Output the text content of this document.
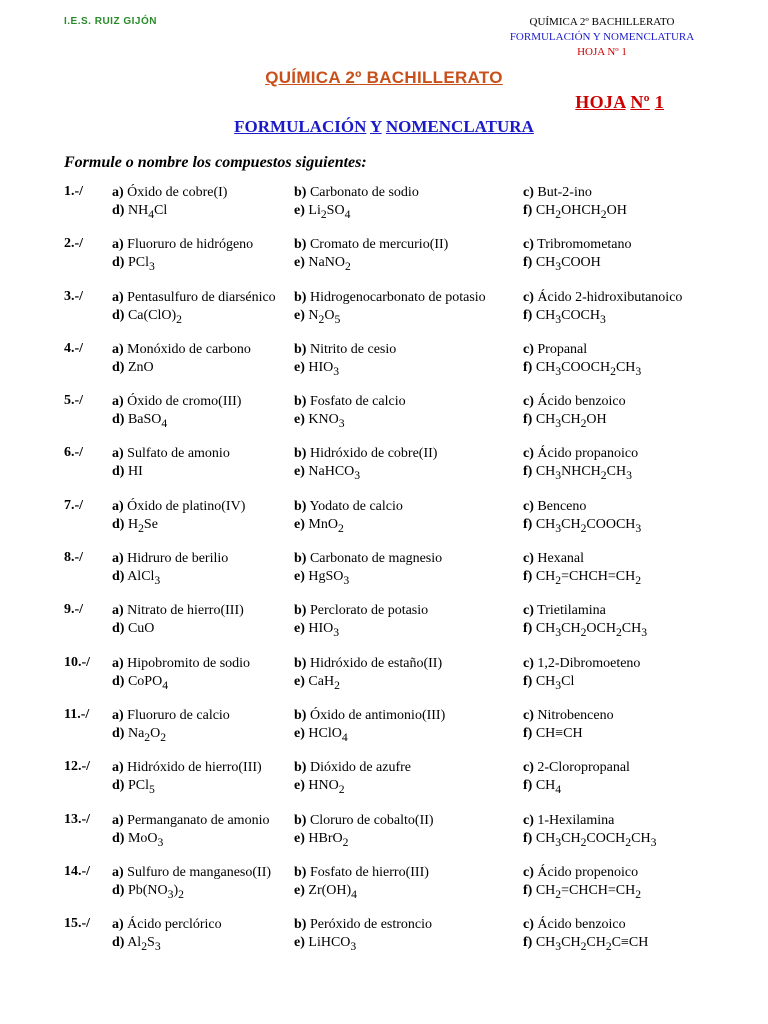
I.E.S. RUIZ GIJÓN	QUÍMICA 2º BACHILLERATO
FORMULACIÓN Y NOMENCLATURA
HOJA Nº 1
QUÍMICA 2º BACHILLERATO
HOJA Nº 1
FORMULACIÓN Y NOMENCLATURA
Formule o nombre los compuestos siguientes:
1.-/	a) Óxido de cobre(I)	b) Carbonato de sodio	c) But-2-ino
d) $NH_4Cl$	e) $Li_2SO_4$	f) $CH_2OHCH_2OH$
2.-/	a) Fluoruro de hidrógeno	b) Cromato de mercurio(II)	c) Tribromometano
d) PCl$_3$	e) NaNO$_2$	f) $CH_3COOH$
3.-/	a) Pentasulfuro de diarsénico b) Hidrogenocarbonato de potasio	c) Ácido 2-hidroxibutanoico
d) $Ca(ClO)_2$	e) $N_2O_5$	f) $CH_3COCH_3$
4.-/	a) Monóxido de carbono	b) Nitrito de cesio	c) Propanal
d) ZnO	e) $HIO_3$	f) $CH_3COOCH_2CH_3$
5.-/	a) Óxido de cromo(III)	b) Fosfato de calcio	c) Ácido benzoico
d) BaSO$_4$	e) $KNO_3$	f) $CH_3CH_2OH$
6.-/	a) Sulfato de amonio	b) Hidróxido de cobre(II)	c) Ácido propanoico
d) HI	e) NaHCO$_3$	f) $CH_3NHCH_2CH_3$
7.-/	a) Óxido de platino(IV)	b) Yodato de calcio	c) Benceno
d) $H_2Se$	e) MnO$_2$	f) $CH_3CH_2COOCH_3$
8.-/	a) Hidruro de berilio	b) Carbonato de magnesio	c) Hexanal
d) AlCl$_3$	e) HgSO$_3$	f) $CH_2=CHCH=CH_2$
9.-/	a) Nitrato de hierro(III)	b) Perclorato de potasio	c) Trietilamina
d) CuO	e) $HIO_3$	f) $CH_3CH_2OCH_2CH_3$
10.-/	a) Hipobromito de sodio	b) Hidróxido de estaño(II)	c) 1,2-Dibromoeteno
d) CoPO$_4$	e) CaH$_2$	f) $CH_3Cl$
11.-/	a) Fluoruro de calcio	b) Óxido de antimonio(III)	c) Nitrobenceno
d) $Na_2O_2$	e) HClO$_4$	f) CH≡CH
12.-/	a) Hidróxido de hierro(III) b) Dióxido de azufre	c) 2-Cloropropanal
d) PCl$_5$	e) $HNO_2$	f) $CH_4$
13.-/	a) Permanganato de amonio b) Cloruro de cobalto(II)	c) 1-Hexilamina
d) MoO$_3$	e) HBrO$_2$	f) $CH_3CH_2COCH_2CH_3$
14.-/	a) Sulfuro de manganeso(II) b) Fosfato de hierro(III)	c) Ácido propenoico
d) $Pb(NO_3)_2$	e) $Zr(OH)_4$	f) $CH_2=CHCH=CH_2$
15.-/	a) Ácido perclórico	b) Peróxido de estroncio	c) Ácido benzoico
d) $Al_2S_3$	e) LiHCO$_3$	f) $CH_3CH_2CH_2C\equiv CH$
